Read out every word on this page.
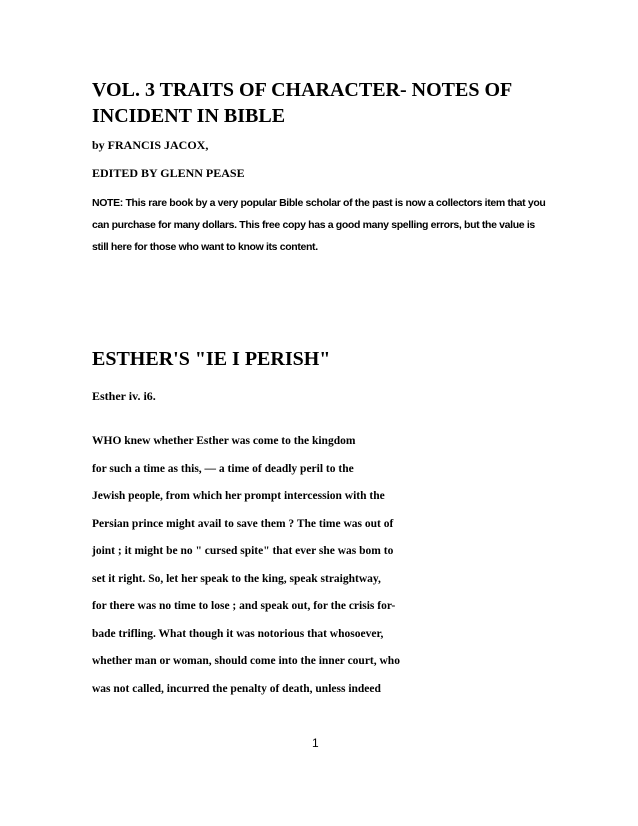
VOL. 3 TRAITS OF CHARACTER- NOTES OF INCIDENT IN BIBLE

by FRANCIS JACOX,

EDITED BY GLENN PEASE

NOTE: This rare book by a very popular Bible scholar of the past is now a collectors item that you can purchase for many dollars. This free copy has a good many spelling errors, but the value is still here for those who want to know its content.

ESTHER'S "IE I PERISH"

Esther iv. i6.

WHO knew whether Esther was come to the kingdom
for such a time as this, — a time of deadly peril to the
Jewish people, from which her prompt intercession with the
Persian prince might avail to save them ? The time was out of
joint ; it might be no " cursed spite" that ever she was bom to
set it right. So, let her speak to the king, speak straightway,
for there was no time to lose ; and speak out, for the crisis for-
bade trifling. What though it was notorious that whosoever,
whether man or woman, should come into the inner court, who
was not called, incurred the penalty of death, unless indeed

1
